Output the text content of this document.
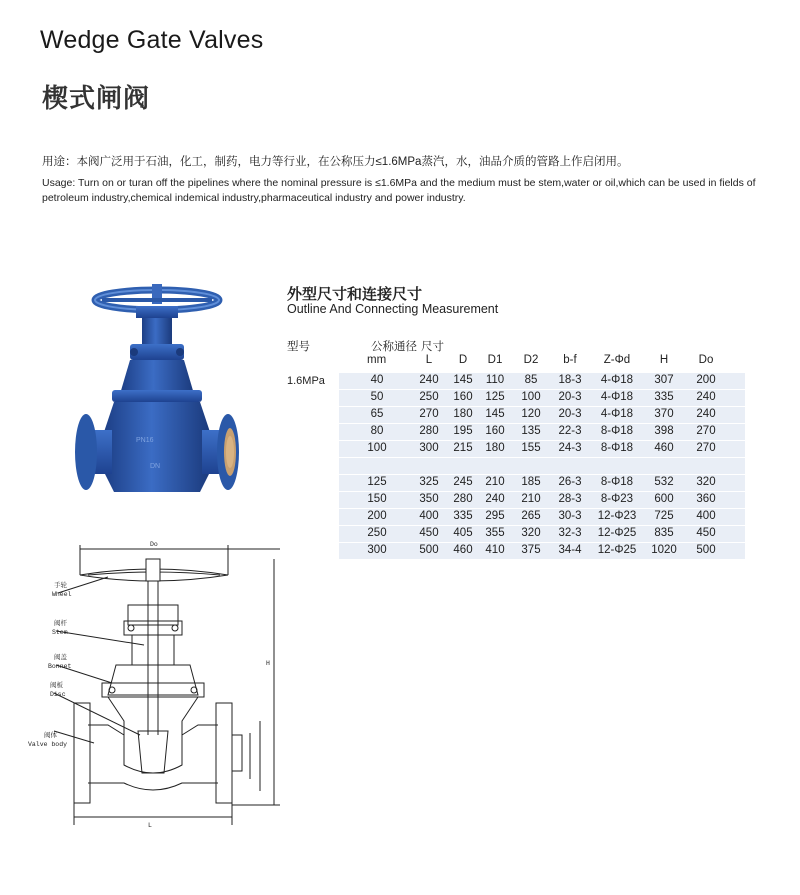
Wedge Gate Valves
楔式闸阀
用途：本阀广泛用于石油，化工，制药，电力等行业，在公称压力≤1.6MPa蒸汽，水，油品介质的管路上作启闭用。
Usage: Turn on or turan off the pipelines where the nominal pressure is ≤1.6MPa and the medium must be stem,water or oil,which can be used in fields of petroleum industry,chemical indemical industry,pharmaceutical industry and power industry.
PN16
DN
手轮
Wheel
阀杆
Stem
阀盖
Bonnet
阀板
Disc
阀体
Valve body
Do
H
L
外型尺寸和连接尺寸
Outline And Connecting Measurement
型号	公称通径 尺寸
mm	L	D	D1	D2	b-f	Z-Φd	H	Do
1.6MPa	40	240	145	110	85	18-3	4-Φ18	307	200
50	250	160	125	100	20-3	4-Φ18	335	240
65	270	180	145	120	20-3	4-Φ18	370	240
80	280	195	160	135	22-3	8-Φ18	398	270
100	300	215	180	155	24-3	8-Φ18	460	270
125	325	245	210	185	26-3	8-Φ18	532	320
150	350	280	240	210	28-3	8-Φ23	600	360
200	400	335	295	265	30-3	12-Φ23	725	400
250	450	405	355	320	32-3	12-Φ25	835	450
300	500	460	410	375	34-4	12-Φ25	1020	500
